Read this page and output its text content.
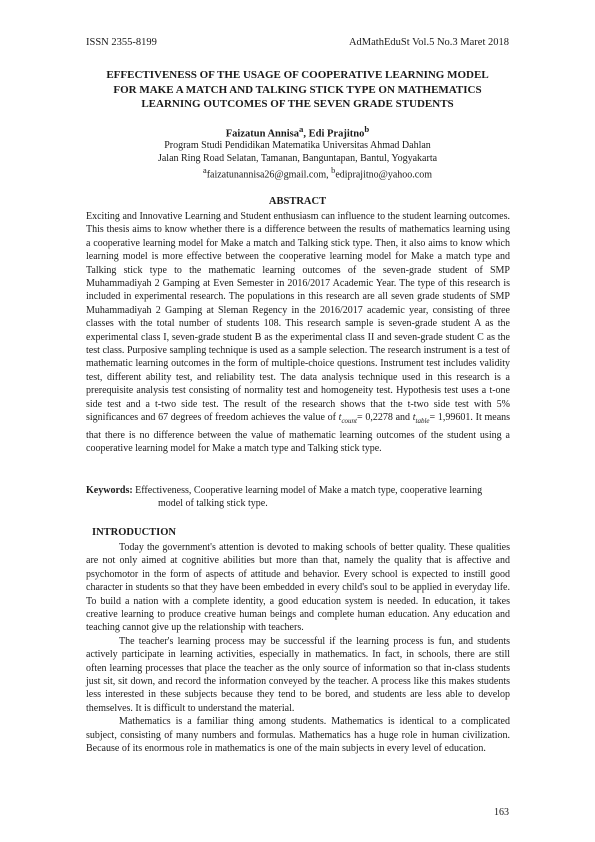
ISSN 2355-8199	AdMathEduSt Vol.5 No.3 Maret 2018
EFFECTIVENESS OF THE USAGE OF COOPERATIVE LEARNING MODEL
FOR MAKE A MATCH AND TALKING STICK TYPE ON MATHEMATICS
LEARNING OUTCOMES OF THE SEVEN GRADE STUDENTS
Faizatun Annisa$^a$, Edi Prajitno$^b$
Program Studi Pendidikan Matematika Universitas Ahmad Dahlan
Jalan Ring Road Selatan, Tamanan, Banguntapan, Bantul, Yogyakarta
$^a$faizatunannisa26@gmail.com, $^b$ediprajitno@yahoo.com
ABSTRACT
Exciting and Innovative Learning and Student enthusiasm can influence to the student learning outcomes. This thesis aims to know whether there is a difference between the results of mathematics learning using a cooperative learning model for Make a match and Talking stick type. Then, it also aims to know which learning model is more effective between the cooperative learning model for Make a match type and Talking stick type to the mathematic learning outcomes of the seven-grade student of SMP Muhammadiyah 2 Gamping at Even Semester in 2016/2017 Academic Year. The type of this research is included in experimental research. The populations in this research are all seven grade students of SMP Muhammadiyah 2 Gamping at Sleman Regency in the 2016/2017 academic year, consisting of three classes with the total number of students 108. This research sample is seven-grade student A as the experimental class I, seven-grade student B as the experimental class II and seven-grade student C as the test class. Purposive sampling technique is used as a sample selection. The research instrument is a test of mathematic learning outcomes in the form of multiple-choice questions. Instrument test includes validity test, different ability test, and reliability test. The data analysis technique used in this research is a prerequisite analysis test consisting of normality test and homogeneity test. Hypothesis test uses a t-one side test and a t-two side test. The result of the research shows that the t-two side test with 5% significances and 67 degrees of freedom achieves the value of $t_{count}= 0,2278$ and $t_{table}= 1,99601$. It means that there is no difference between the value of mathematic learning outcomes of the student using a cooperative learning model for Make a match type and Talking stick type.
Keywords: Effectiveness, Cooperative learning model of Make a match type, cooperative learning
model of talking stick type.
INTRODUCTION

Today the government's attention is devoted to making schools of better quality. These qualities are not only aimed at cognitive abilities but more than that, namely the quality that is affective and psychomotor in the form of aspects of attitude and behavior. Every school is expected to instill good character in students so that they have been embedded in every child's soul to be applied in everyday life. To build a nation with a complete identity, a good education system is needed. In education, it takes creative learning to produce creative human beings and complete human education. Any education and teaching cannot give up the relationship with teachers.

The teacher's learning process may be successful if the learning process is fun, and students actively participate in learning activities, especially in mathematics. In fact, in schools, there are still often learning processes that place the teacher as the only source of information so that in-class students just sit, sit down, and record the information conveyed by the teacher. A process like this makes students less interested in these subjects because they tend to be bored, and students are less able to develop themselves. It is difficult to understand the material.

Mathematics is a familiar thing among students. Mathematics is identical to a complicated subject, consisting of many numbers and formulas. Mathematics has a huge role in human civilization. Because of its enormous role in mathematics is one of the main subjects in every level of education.

163
